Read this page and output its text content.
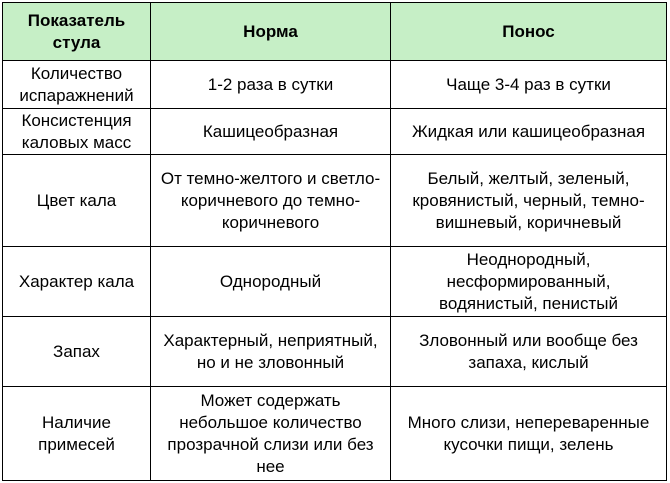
Показатель стула	Норма	Понос
Количество испаражнений	1-2 раза в сутки	Чаще 3-4 раз в сутки
Консистенция каловых масс	Кашицеобразная	Жидкая или кашицеобразная
Цвет кала	От темно-желтого и светло-коричневого до темно-коричневого	Белый, желтый, зеленый, кровянистый, черный, темно-вишневый, коричневый
Характер кала	Однородный	Неоднородный, несформированный, водянистый, пенистый
Запах	Характерный, неприятный, но и не зловонный	Зловонный или вообще без запаха, кислый
Наличие примесей	Может содержать небольшое количество прозрачной слизи или без нее	Много слизи, непереваренные кусочки пищи, зелень
